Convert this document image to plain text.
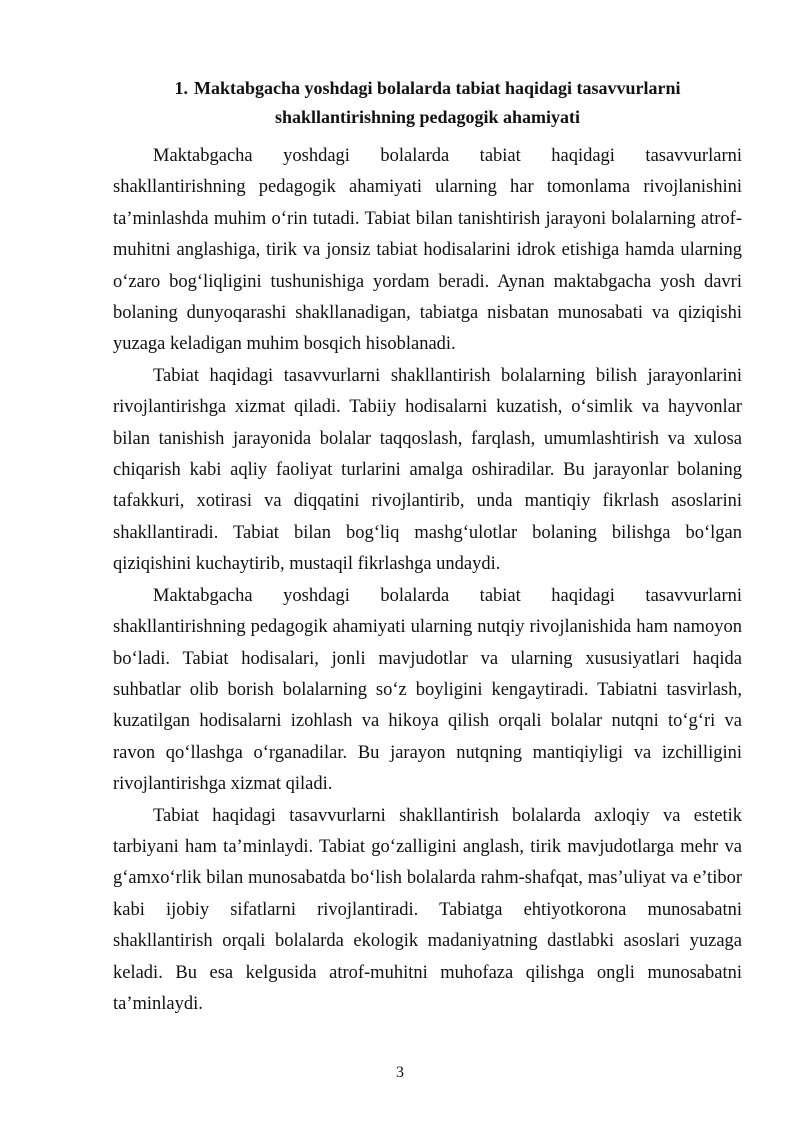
1. Maktabgacha yoshdagi bolalarda tabiat haqidagi tasavvurlarni
shakllantirishning pedagogik ahamiyati

Maktabgacha yoshdagi bolalarda tabiat haqidagi tasavvurlarni shakllantirishning pedagogik ahamiyati ularning har tomonlama rivojlanishini ta’minlashda muhim o‘rin tutadi. Tabiat bilan tanishtirish jarayoni bolalarning atrof-muhitni anglashiga, tirik va jonsiz tabiat hodisalarini idrok etishiga hamda ularning o‘zaro bog‘liqligini tushunishiga yordam beradi. Aynan maktabgacha yosh davri bolaning dunyoqarashi shakllanadigan, tabiatga nisbatan munosabati va qiziqishi yuzaga keladigan muhim bosqich hisoblanadi.

Tabiat haqidagi tasavvurlarni shakllantirish bolalarning bilish jarayonlarini rivojlantirishga xizmat qiladi. Tabiiy hodisalarni kuzatish, o‘simlik va hayvonlar bilan tanishish jarayonida bolalar taqqoslash, farqlash, umumlashtirish va xulosa chiqarish kabi aqliy faoliyat turlarini amalga oshiradilar. Bu jarayonlar bolaning tafakkuri, xotirasi va diqqatini rivojlantirib, unda mantiqiy fikrlash asoslarini shakllantiradi. Tabiat bilan bog‘liq mashg‘ulotlar bolaning bilishga bo‘lgan qiziqishini kuchaytirib, mustaqil fikrlashga undaydi.

Maktabgacha yoshdagi bolalarda tabiat haqidagi tasavvurlarni shakllantirishning pedagogik ahamiyati ularning nutqiy rivojlanishida ham namoyon bo‘ladi. Tabiat hodisalari, jonli mavjudotlar va ularning xususiyatlari haqida suhbatlar olib borish bolalarning so‘z boyligini kengaytiradi. Tabiatni tasvirlash, kuzatilgan hodisalarni izohlash va hikoya qilish orqali bolalar nutqni to‘g‘ri va ravon qo‘llashga o‘rganadilar. Bu jarayon nutqning mantiqiyligi va izchilligini rivojlantirishga xizmat qiladi.

Tabiat haqidagi tasavvurlarni shakllantirish bolalarda axloqiy va estetik tarbiyani ham ta’minlaydi. Tabiat go‘zalligini anglash, tirik mavjudotlarga mehr va g‘amxo‘rlik bilan munosabatda bo‘lish bolalarda rahm-shafqat, mas’uliyat va e’tibor kabi ijobiy sifatlarni rivojlantiradi. Tabiatga ehtiyotkorona munosabatni shakllantirish orqali bolalarda ekologik madaniyatning dastlabki asoslari yuzaga keladi. Bu esa kelgusida atrof-muhitni muhofaza qilishga ongli munosabatni ta’minlaydi.

3
